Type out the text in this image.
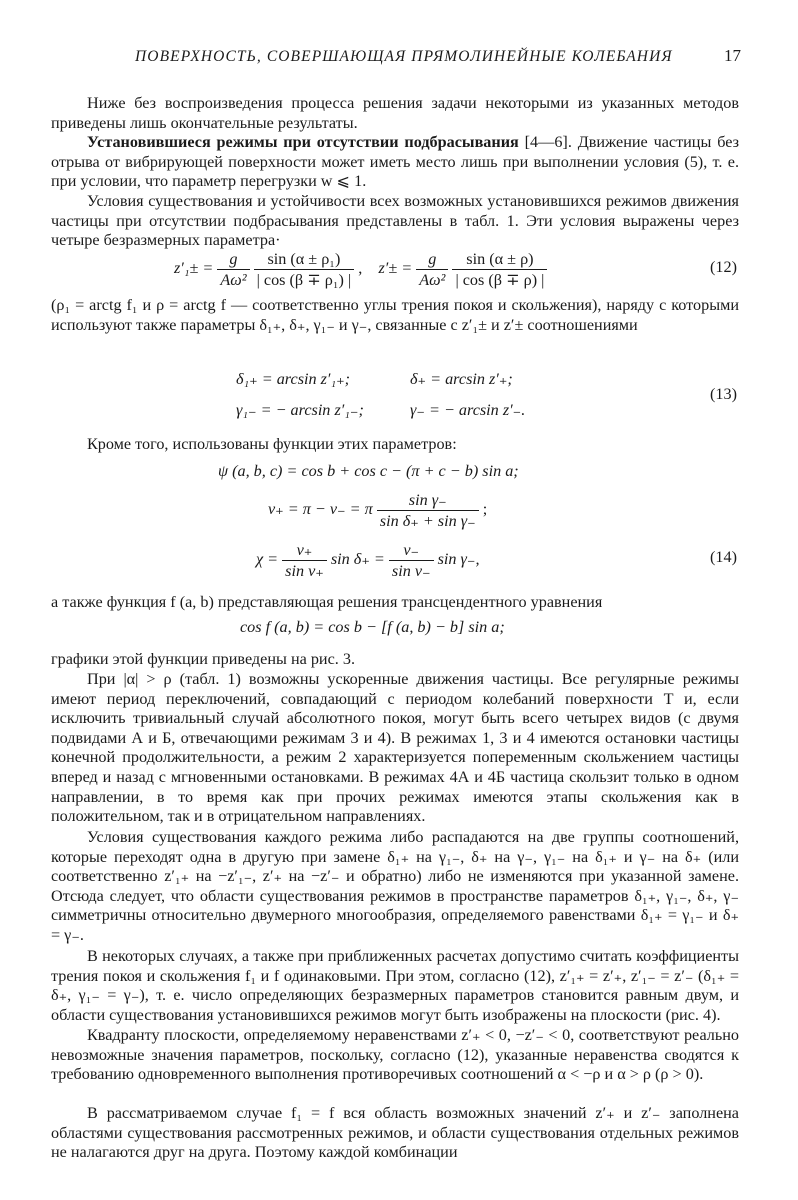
ПОВЕРХНОСТЬ, СОВЕРШАЮЩАЯ ПРЯМОЛИНЕЙНЫЕ КОЛЕБАНИЯ	17

Ниже без воспроизведения процесса решения задачи некоторыми из указанных методов приведены лишь окончательные результаты.

Установившиеся режимы при отсутствии подбрасывания [4—6]. Движение частицы без отрыва от вибрирующей поверхности может иметь место лишь при выполнении условия (5), т. е. при условии, что параметр перегрузки w ⩽ 1.

Условия существования и устойчивости всех возможных установившихся режимов движения частицы при отсутствии подбрасывания представлены в табл. 1. Эти условия выражены через четыре безразмерных параметра·

$z'_1\pm = \frac{g}{\text{Aω²}}$
$\frac{\text{sin (α ± ρ₁)}}{\text{| cos (β ∓ ρ₁) |}}$ , $z'\pm = \frac{g}{\text{Aω²}}$
$\frac{\sin (\alpha \pm \rho)}{| \cos (\beta \mp \rho) |}$	(12)

(ρ₁ = arctg f₁ и ρ = arctg f — соответственно углы трения покоя и скольжения), наряду с которыми используют также параметры δ₁₊, δ₊, γ₁₋ и γ₋, связанные с z′₁± и z′± соотношениями

δ₁₊ = arcsin z′₁₊;	δ₊ = arcsin z′₊;
γ₁₋ = − arcsin z′₁₋;	γ₋ = − arcsin z′₋.
(13)

Кроме того, использованы функции этих параметров:

ψ (a, b, c) = cos b + cos c − (π + c − b) sin a;
v₊ = π − v₋ = π $\frac{\text{sin γ₋}}{\text{sin δ₊ + sin γ₋}}$ ;
$\chi = \frac{v_+}{\text{sin v₊}}$ $\sin \delta_+ = \frac{v_-}{\text{sin v₋}}$ sin γ₋,	(14)

а также функция f (a, b) представляющая решения трансцендентного уравнения

cos f (a, b) = cos b − [f (a, b) − b] sin a;

графики этой функции приведены на рис. 3.

При |α| > ρ (табл. 1) возможны ускоренные движения частицы. Все регулярные режимы имеют период переключений, совпадающий с периодом колебаний поверхности T и, если исключить тривиальный случай абсолютного покоя, могут быть всего четырех видов (с двумя подвидами А и Б, отвечающими режимам 3 и 4). В режимах 1, 3 и 4 имеются остановки частицы конечной продолжительности, а режим 2 характеризуется попеременным скольжением частицы вперед и назад с мгновенными остановками. В режимах 4А и 4Б частица скользит только в одном направлении, в то время как при прочих режимах имеются этапы скольжения как в положительном, так и в отрицательном направлениях.

Условия существования каждого режима либо распадаются на две группы соотношений, которые переходят одна в другую при замене δ₁₊ на γ₁₋, δ₊ на γ₋, γ₁₋ на δ₁₊ и γ₋ на δ₊ (или соответственно z′₁₊ на −z′₁₋, z′₊ на −z′₋ и обратно) либо не изменяются при указанной замене. Отсюда следует, что области существования режимов в пространстве параметров δ₁₊, γ₁₋, δ₊, γ₋ симметричны относительно двумерного многообразия, определяемого равенствами δ₁₊ = γ₁₋ и δ₊ = γ₋.

В некоторых случаях, а также при приближенных расчетах допустимо считать коэффициенты трения покоя и скольжения f₁ и f одинаковыми. При этом, согласно (12), z′₁₊ = z′₊, z′₁₋ = z′₋ (δ₁₊ = δ₊, γ₁₋ = γ₋), т. е. число определяющих безразмерных параметров становится равным двум, и области существования установившихся режимов могут быть изображены на плоскости (рис. 4).

Квадранту плоскости, определяемому неравенствами z′₊ < 0, −z′₋ < 0, соответствуют реально невозможные значения параметров, поскольку, согласно (12), указанные неравенства сводятся к требованию одновременного выполнения противоречивых соотношений α < −ρ и α > ρ (ρ > 0).

В рассматриваемом случае f₁ = f вся область возможных значений z′₊ и z′₋ заполнена областями существования рассмотренных режимов, и области существования отдельных режимов не налагаются друг на друга. Поэтому каждой комбинации
